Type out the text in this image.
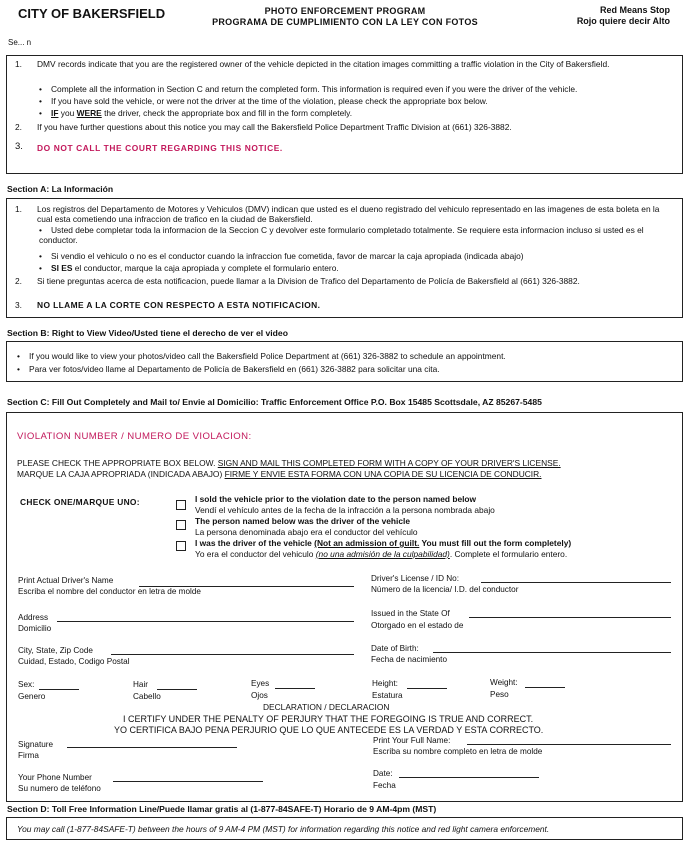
CITY OF BAKERSFIELD	PHOTO ENFORCEMENT PROGRAM
PROGRAMA DE CUMPLIMIENTO CON LA LEY CON FOTOS
Red Means Stop
Rojo quiere decir Alto
Se... n
1. DMV records indicate that you are the registered owner of the vehicle depicted in the citation images committing a traffic violation in the City of Bakersfield.
• Complete all the information in Section C and return the completed form. This information is required even if you were the driver of the vehicle.
• If you have sold the vehicle, or were not the driver at the time of the violation, please check the appropriate box below.
• IF you WERE the driver, check the appropriate box and fill in the form completely.
2. If you have further questions about this notice you may call the Bakersfield Police Department Traffic Division at (661) 326-3882.
3. DO NOT CALL THE COURT REGARDING THIS NOTICE.
Section A: La Información
1. Los registros del Departamento de Motores y Vehiculos (DMV) indican que usted es el dueno registrado del vehiculo representado en las imagenes de esta boleta en la cual esta cometiendo una infraccion de trafico en la ciudad de Bakersfield.
• Usted debe completar toda la informacion de la Seccion C y devolver este formulario completado totalmente. Se requiere esta informacion incluso si usted es el conductor.
• Si vendio el vehiculo o no es el conductor cuando la infraccion fue cometida, favor de marcar la caja apropiada (indicada abajo)
• SI ES el conductor, marque la caja apropiada y complete el formulario entero.
2. Si tiene preguntas acerca de esta notificacion, puede llamar a la Division de Trafico del Departamento de Policía de Bakersfield al (661) 326-3882.
3. NO LLAME A LA CORTE CON RESPECTO A ESTA NOTIFICACION.
Section B: Right to View Video/Usted tiene el derecho de ver el video
• If you would like to view your photos/video call the Bakersfield Police Department at (661) 326-3882 to schedule an appointment.
• Para ver fotos/video llame al Departamento de Policía de Bakersfield en (661) 326-3882 para solicitar una cita.
Section C: Fill Out Completely and Mail to/ Envie al Domicilio: Traffic Enforcement Office P.O. Box 15485 Scottsdale, AZ 85267-5485
VIOLATION NUMBER / NUMERO DE VIOLACION:
PLEASE CHECK THE APPROPRIATE BOX BELOW. SIGN AND MAIL THIS COMPLETED FORM WITH A COPY OF YOUR DRIVER'S LICENSE.
MARQUE LA CAJA APROPRIADA (INDICADA ABAJO) FIRME Y ENVIE ESTA FORMA CON UNA COPIA DE SU LICENCIA DE CONDUCIR.
CHECK ONE/MARQUE UNO:	I sold the vehicle prior to the violation date to the person named below
Vendí el vehículo antes de la fecha de la infracción a la persona nombrada abajo
The person named below was the driver of the vehicle
La persona denominada abajo era el conductor del vehículo
I was the driver of the vehicle (Not an admission of guilt. You must fill out the form completely)
Yo era el conductor del vehiculo (no una admisión de la culpabilidad). Complete el formulario entero.
Print Actual Driver's Name
Escriba el nombre del conductor en letra de molde
Driver's License / ID No:
Número de la licencia/ I.D. del conductor
Address
Domicilio
Issued in the State Of
Otorgado en el estado de
City, State, Zip Code
Cuidad, Estado, Codigo Postal
Date of Birth:
Fecha de nacimiento
Sex:
Genero
Hair
Cabello
Eyes
Ojos
Height:
Estatura
Weight:
Peso
DECLARATION / DECLARACION
I CERTIFY UNDER THE PENALTY OF PERJURY THAT THE FOREGOING IS TRUE AND CORRECT.
YO CERTIFICA BAJO PENA PERJURIO QUE LO QUE ANTECEDE ES LA VERDAD Y ESTA CORRECTO.
Signature
Firma
Print Your Full Name:
Escriba su nombre completo en letra de molde
Your Phone Number
Su numero de teléfono
Date:
Fecha
Section D: Toll Free Information Line/Puede llamar gratis al (1-877-84SAFE-T) Horario de 9 AM-4pm (MST)
You may call (1-877-84SAFE-T) between the hours of 9 AM-4 PM (MST) for information regarding this notice and red light camera enforcement.
